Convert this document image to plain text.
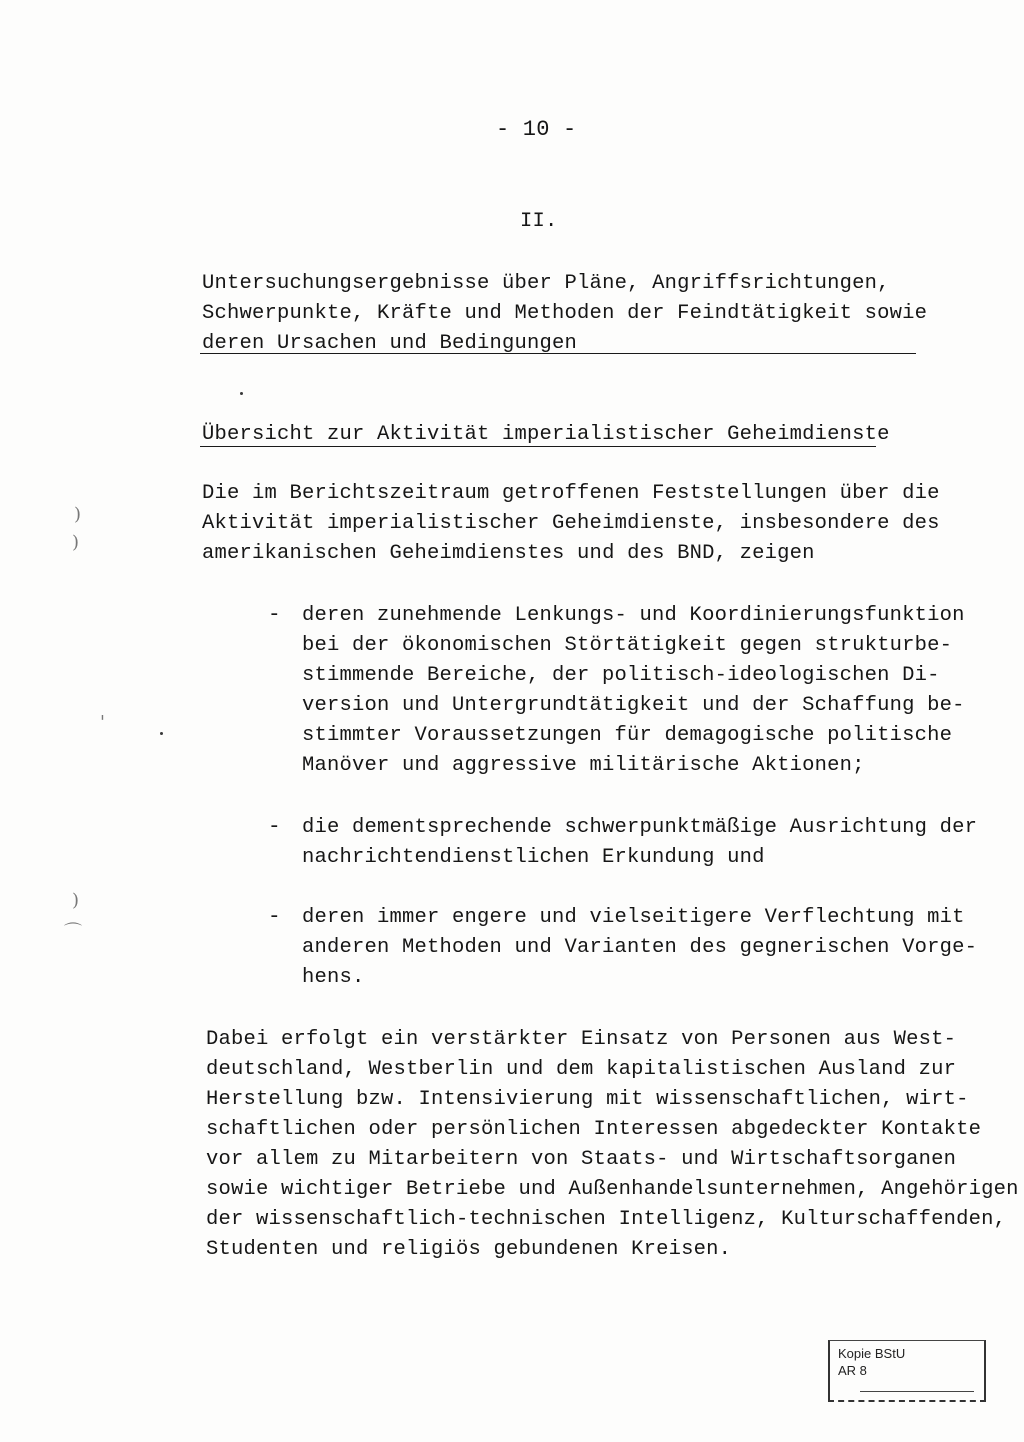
- 10 -
II.
Untersuchungsergebnisse über Pläne, Angriffsrichtungen,
Schwerpunkte, Kräfte und Methoden der Feindtätigkeit sowie
deren Ursachen und Bedingungen
Übersicht zur Aktivität imperialistischer Geheimdienste
Die im Berichtszeitraum getroffenen Feststellungen über die
Aktivität imperialistischer Geheimdienste, insbesondere des
amerikanischen Geheimdienstes und des BND, zeigen
- deren zunehmende Lenkungs- und Koordinierungsfunktion
bei der ökonomischen Störtätigkeit gegen strukturbe-
stimmende Bereiche, der politisch-ideologischen Di-
version und Untergrundtätigkeit und der Schaffung be-
stimmter Voraussetzungen für demagogische politische
Manöver und aggressive militärische Aktionen;
- die dementsprechende schwerpunktmäßige Ausrichtung der
nachrichtendienstlichen Erkundung und
- deren immer engere und vielseitigere Verflechtung mit
anderen Methoden und Varianten des gegnerischen Vorge-
hens.
Dabei erfolgt ein verstärkter Einsatz von Personen aus West-
deutschland, Westberlin und dem kapitalistischen Ausland zur
Herstellung bzw. Intensivierung mit wissenschaftlichen, wirt-
schaftlichen oder persönlichen Interessen abgedeckter Kontakte
vor allem zu Mitarbeitern von Staats- und Wirtschaftsorganen
sowie wichtiger Betriebe und Außenhandelsunternehmen, Angehörigen
der wissenschaftlich-technischen Intelligenz, Kulturschaffenden,
Studenten und religiös gebundenen Kreisen.
)
)
'
)
⌒
Kopie BStU
AR 8
